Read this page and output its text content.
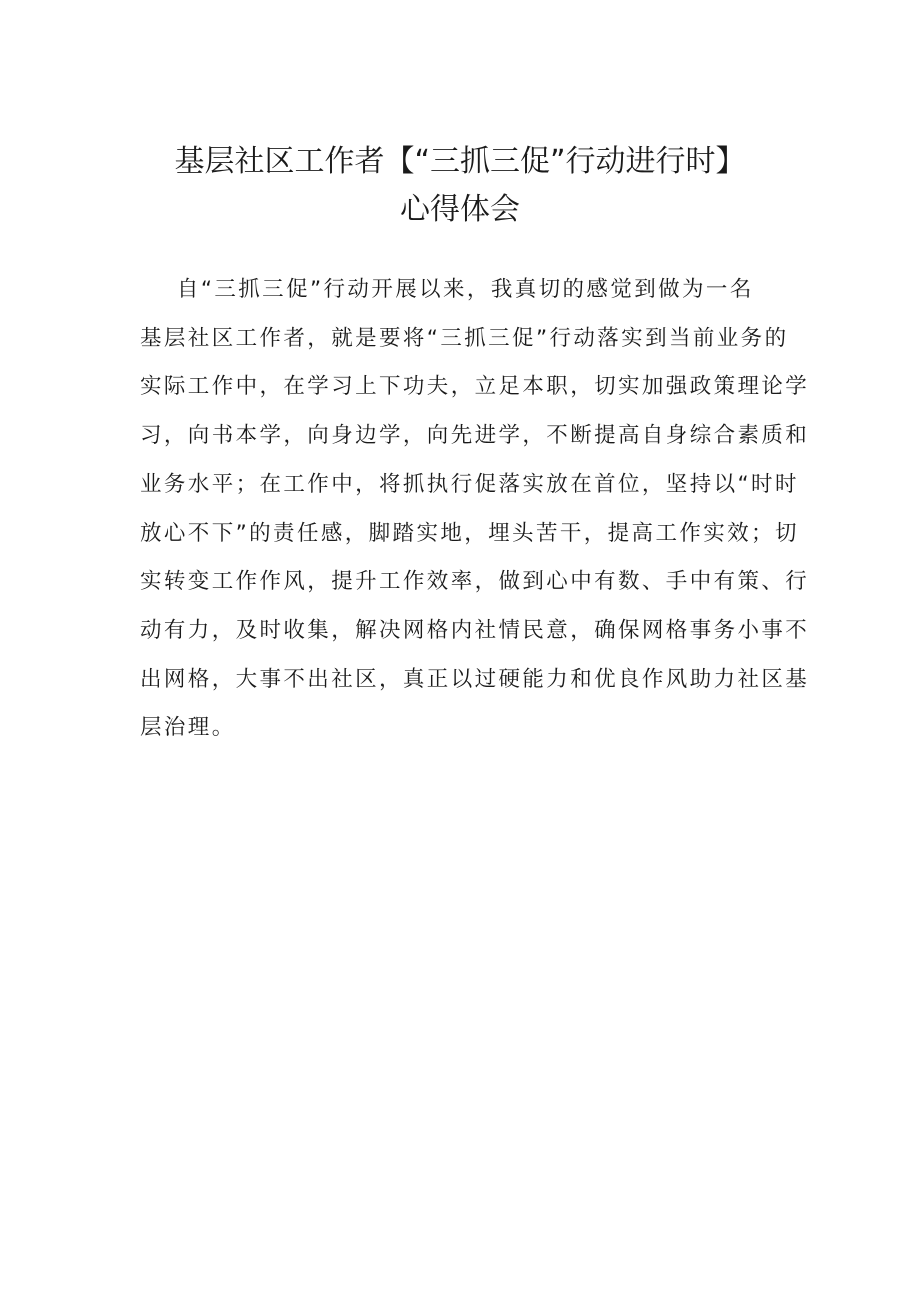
基层社区工作者【“三抓三促”行动进行时】
心得体会
自“三抓三促”行动开展以来，我真切的感觉到做为一名
基层社区工作者，就是要将“三抓三促”行动落实到当前业务的
实际工作中，在学习上下功夫，立足本职，切实加强政策理论学
习，向书本学，向身边学，向先进学，不断提高自身综合素质和
业务水平；在工作中，将抓执行促落实放在首位，坚持以“时时
放心不下”的责任感，脚踏实地，埋头苦干，提高工作实效；切
实转变工作作风，提升工作效率，做到心中有数、手中有策、行
动有力，及时收集，解决网格内社情民意，确保网格事务小事不
出网格，大事不出社区，真正以过硬能力和优良作风助力社区基
层治理。
